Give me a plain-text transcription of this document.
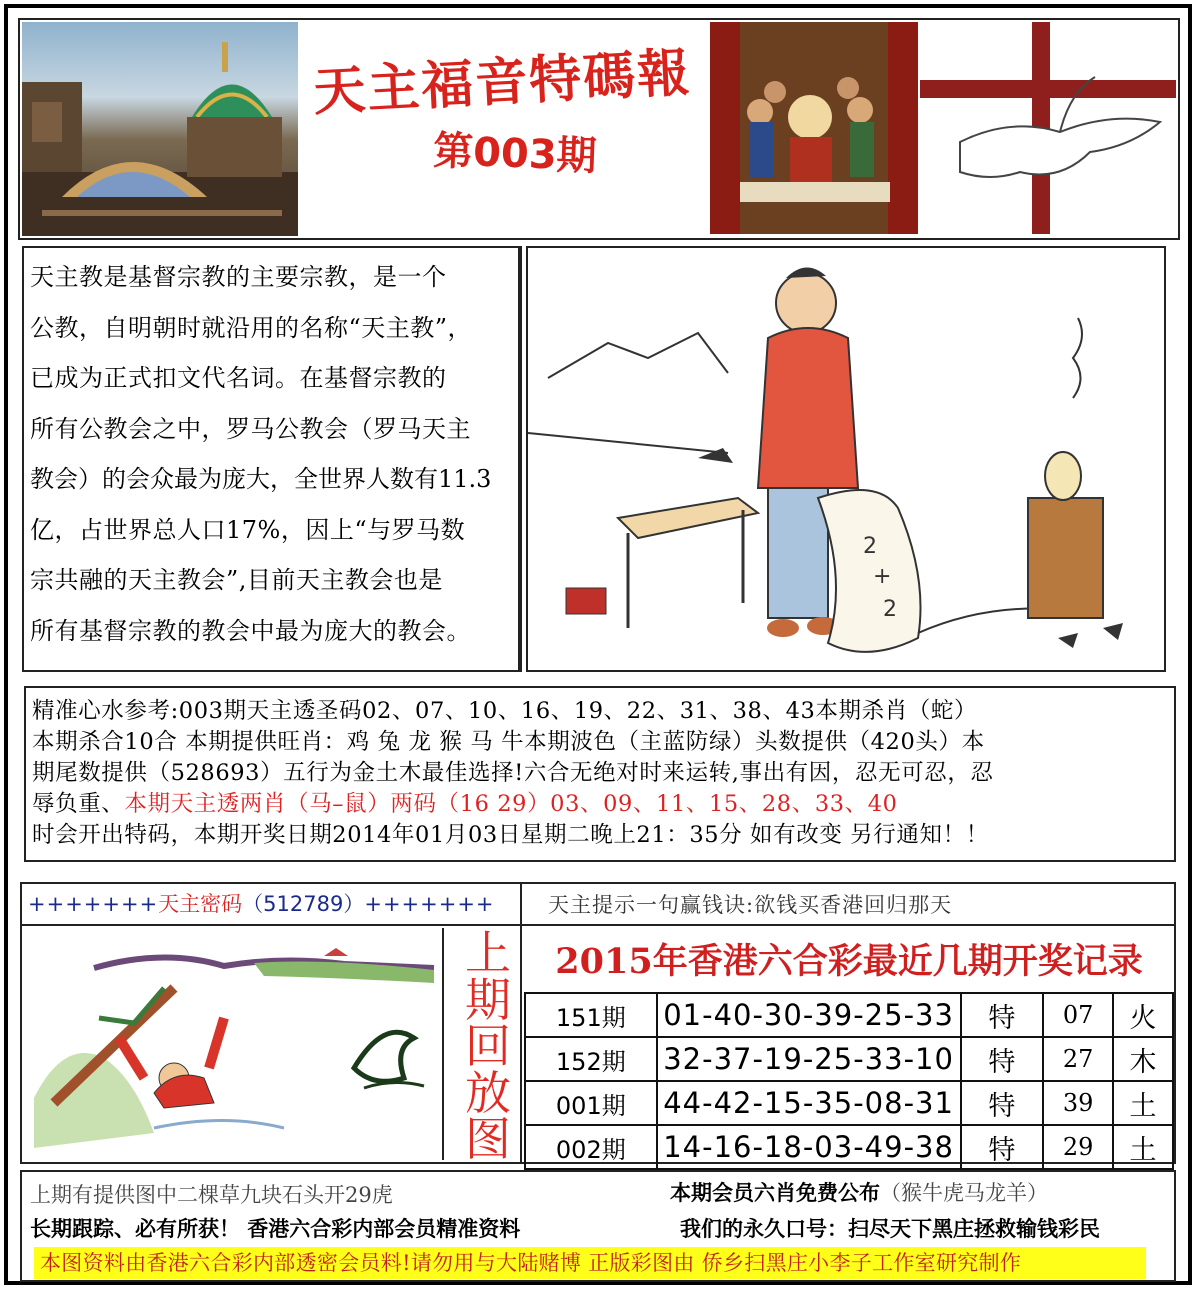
天主福音特碼報
第003期

天主教是基督宗教的主要宗教，是一个

公教，自明朝时就沿用的名称“天主教”，

已成为正式扣文代名词。在基督宗教的

所有公教会之中，罗马公教会（罗马天主

教会）的会众最为庞大，全世界人数有11.3

亿，占世界总人口17%，因上“与罗马数

宗共融的天主教会”,目前天主教会也是

所有基督宗教的教会中最为庞大的教会。

2
+
2
精准心水参考:003期天主透圣码02、07、10、16、19、22、31、38、43本期杀肖（蛇）
本期杀合10合 本期提供旺肖：鸡 兔 龙 猴 马 牛本期波色（主蓝防绿）头数提供（420头）本
期尾数提供（528693）五行为金土木最佳选择!六合无绝对时来运转,事出有因，忍无可忍，忍
辱负重、本期天主透两肖（马–鼠）两码（16 29）03、09、11、15、28、33、40
时会开出特码，本期开奖日期2014年01月03日星期二晚上21：35分 如有改变 另行通知！！
+++++++天主密码（512789）+++++++	天主提示一句赢钱诀:欲钱买香港回归那天
上
期
回
放
图
2015年香港六合彩最近几期开奖记录
151期	01-40-30-39-25-33	特	07	火
152期	32-37-19-25-33-10	特	27	木
001期	44-42-15-35-08-31	特	39	土
002期	14-16-18-03-49-38	特	29	土
上期有提供图中二棵草九块石头开29虎	本期会员六肖免费公布（猴牛虎马龙羊）
长期跟踪、必有所获！ 香港六合彩内部会员精准资料	我们的永久口号：扫尽天下黑庄拯救输钱彩民
本图资料由香港六合彩内部透密会员料!请勿用与大陆赌博 正版彩图由 侨乡扫黑庄小李子工作室研究制作
